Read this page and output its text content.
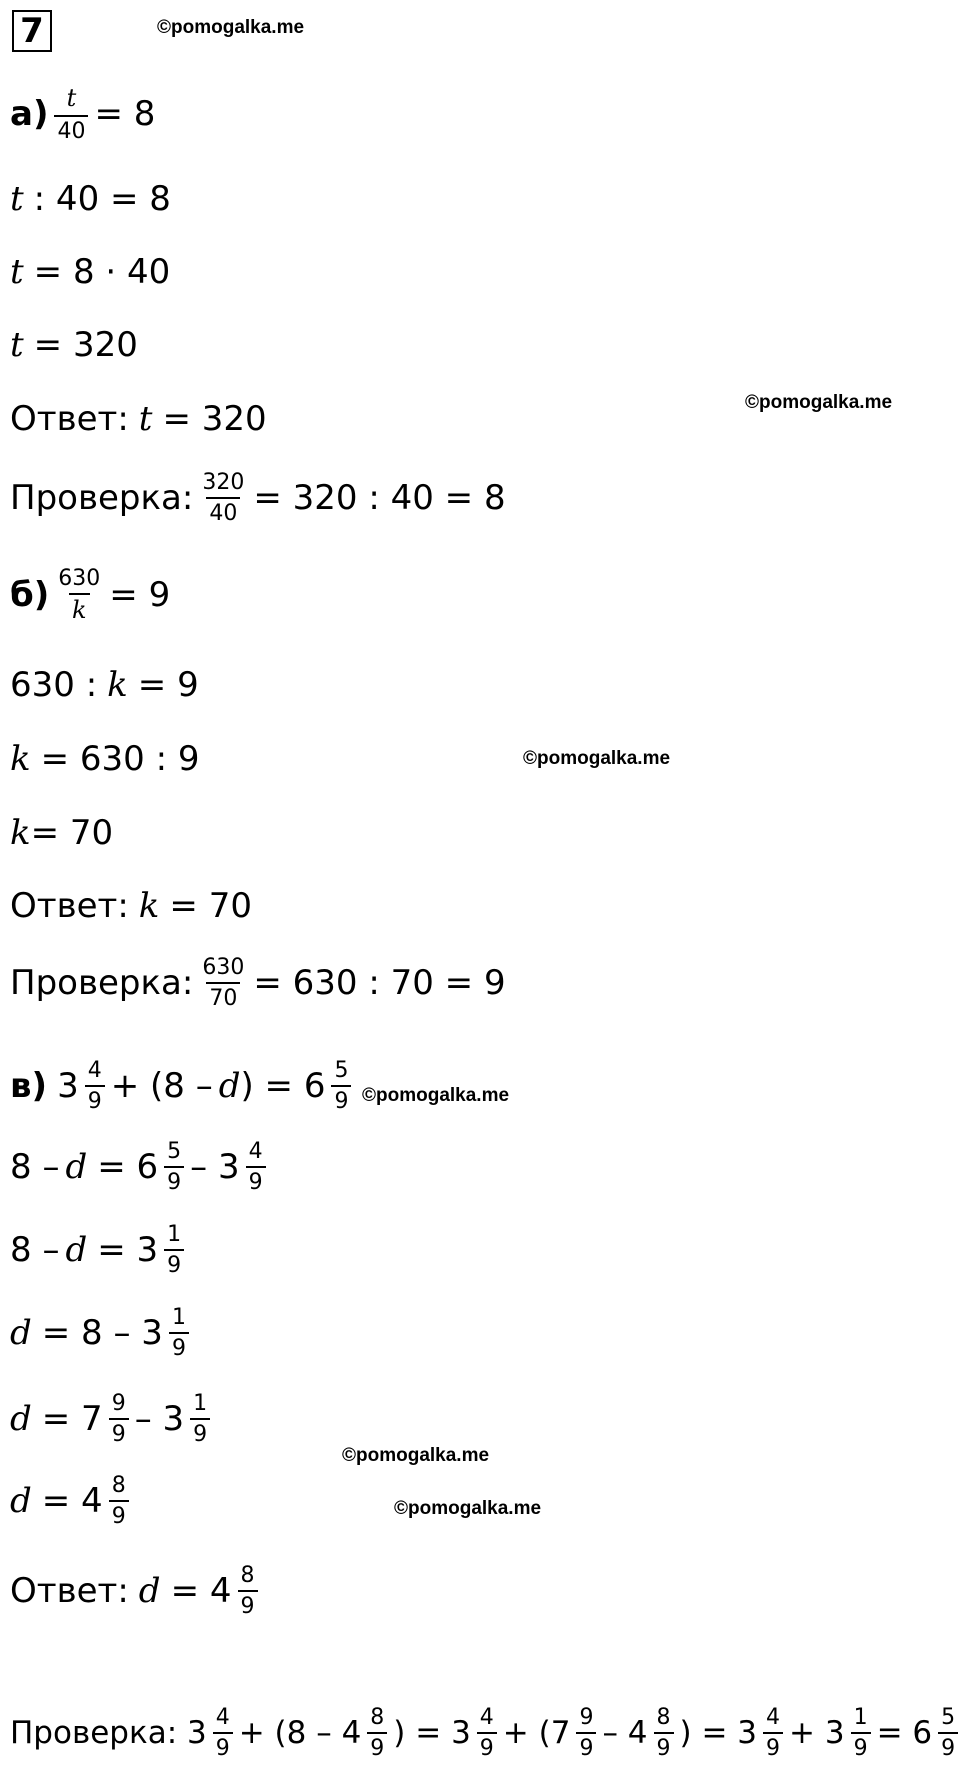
7	©pomogalka.me
©pomogalka.me
©pomogalka.me
©pomogalka.me
©pomogalka.me
©pomogalka.me
$а) \frac{t}{40} = 8$
t : 40 = 8
t = 8 · 40
t = 320
Ответ: t = 320
Проверка: $\frac{320}{40} = 320$ : 40 = 8
$б) \frac{630}{k} = 9$
630 : k = 9
k = 630 : 9
k = 70
Ответ: k = 70
Проверка: $\frac{630}{70} = 630$ : 70 = 9
в) $3 \frac{4}{9} + (8 - d$ ) = $6 \frac{5}{9}$
$8 - d = 6 \frac{5}{9} - 3 \frac{4}{9}$
$8 - d = 3 \frac{1}{9}$
$d = 8 - 3 \frac{1}{9}$
$d = 7 \frac{9}{9} - 3 \frac{1}{9}$
$d = 4 \frac{8}{9}$
Ответ: $d = 4 \frac{8}{9}$
Проверка: $3 \frac{4}{9} + (8 - 4 \frac{8}{9}$ ) = $3 \frac{4}{9} + (7 \frac{9}{9} - 4 \frac{8}{9}$ ) = $3 \frac{4}{9} + 3 \frac{1}{9} = 6 \frac{5}{9}$
